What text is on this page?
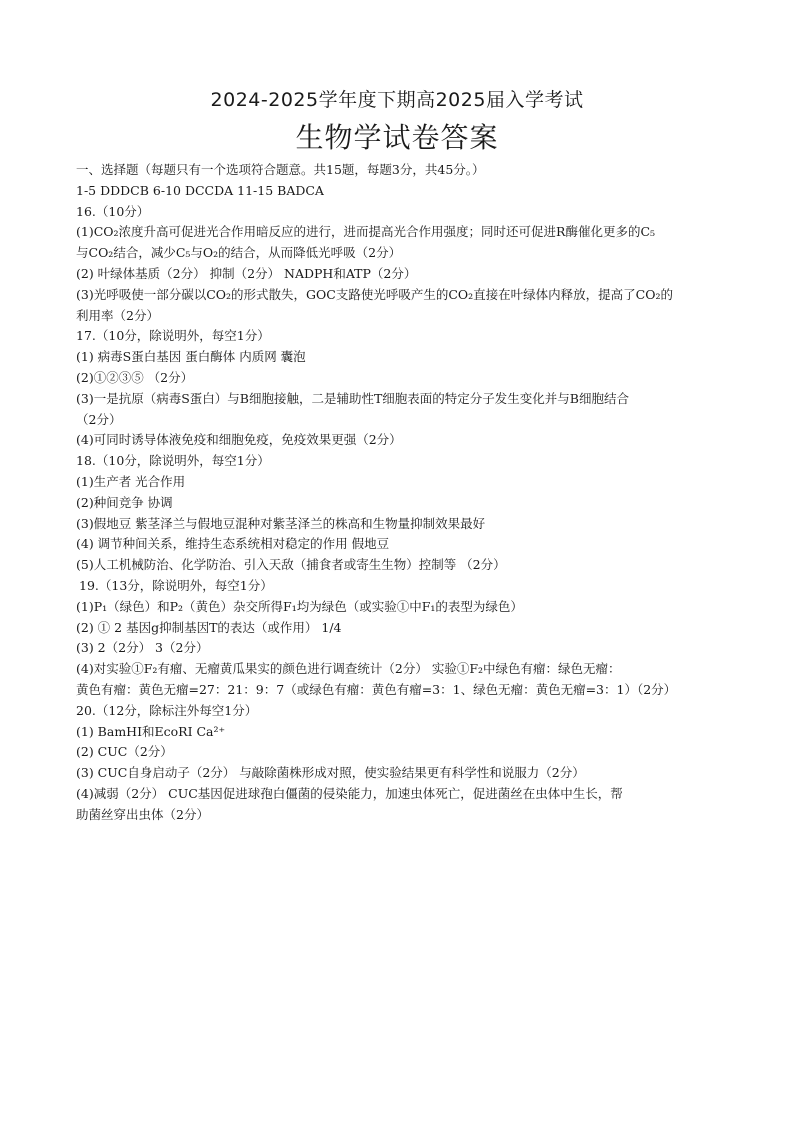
2024-2025学年度下期高2025届入学考试
生物学试卷答案
一、选择题（每题只有一个选项符合题意。共15题，每题3分，共45分。）
1-5 DDDCB 6-10 DCCDA 11-15 BADCA
16.（10分）
(1)CO₂浓度升高可促进光合作用暗反应的进行，进而提高光合作用强度；同时还可促进R酶催化更多的C₅
与CO₂结合，减少C₅与O₂的结合，从而降低光呼吸（2分）
(2) 叶绿体基质（2分） 抑制（2分） NADPH和ATP（2分）
(3)光呼吸使一部分碳以CO₂的形式散失，GOC支路使光呼吸产生的CO₂直接在叶绿体内释放，提高了CO₂的
利用率（2分）
17.（10分，除说明外，每空1分）
(1) 病毒S蛋白基因 蛋白酶体 内质网 囊泡
(2)①②③⑤ （2分）
(3)一是抗原（病毒S蛋白）与B细胞接触，二是辅助性T细胞表面的特定分子发生变化并与B细胞结合
（2分）
(4)可同时诱导体液免疫和细胞免疫，免疫效果更强（2分）
18.（10分，除说明外，每空1分）
(1)生产者 光合作用
(2)种间竞争 协调
(3)假地豆 紫茎泽兰与假地豆混种对紫茎泽兰的株高和生物量抑制效果最好
(4) 调节种间关系，维持生态系统相对稳定的作用 假地豆
(5)人工机械防治、化学防治、引入天敌（捕食者或寄生生物）控制等 （2分）
19.（13分，除说明外，每空1分）
(1)P₁（绿色）和P₂（黄色）杂交所得F₁均为绿色（或实验①中F₁的表型为绿色）
(2) ① 2 基因g抑制基因T的表达（或作用） 1/4
(3) 2（2分） 3（2分）
(4)对实验①F₂有瘤、无瘤黄瓜果实的颜色进行调查统计（2分） 实验①F₂中绿色有瘤：绿色无瘤：
黄色有瘤：黄色无瘤=27：21：9：7（或绿色有瘤：黄色有瘤=3：1、绿色无瘤：黄色无瘤=3：1）（2分）
20.（12分，除标注外每空1分）
(1) BamHⅠ和EcoRⅠ Ca²⁺
(2) CUC（2分）
(3) CUC自身启动子（2分） 与敲除菌株形成对照，使实验结果更有科学性和说服力（2分）
(4)减弱（2分） CUC基因促进球孢白僵菌的侵染能力，加速虫体死亡，促进菌丝在虫体中生长，帮
助菌丝穿出虫体（2分）
